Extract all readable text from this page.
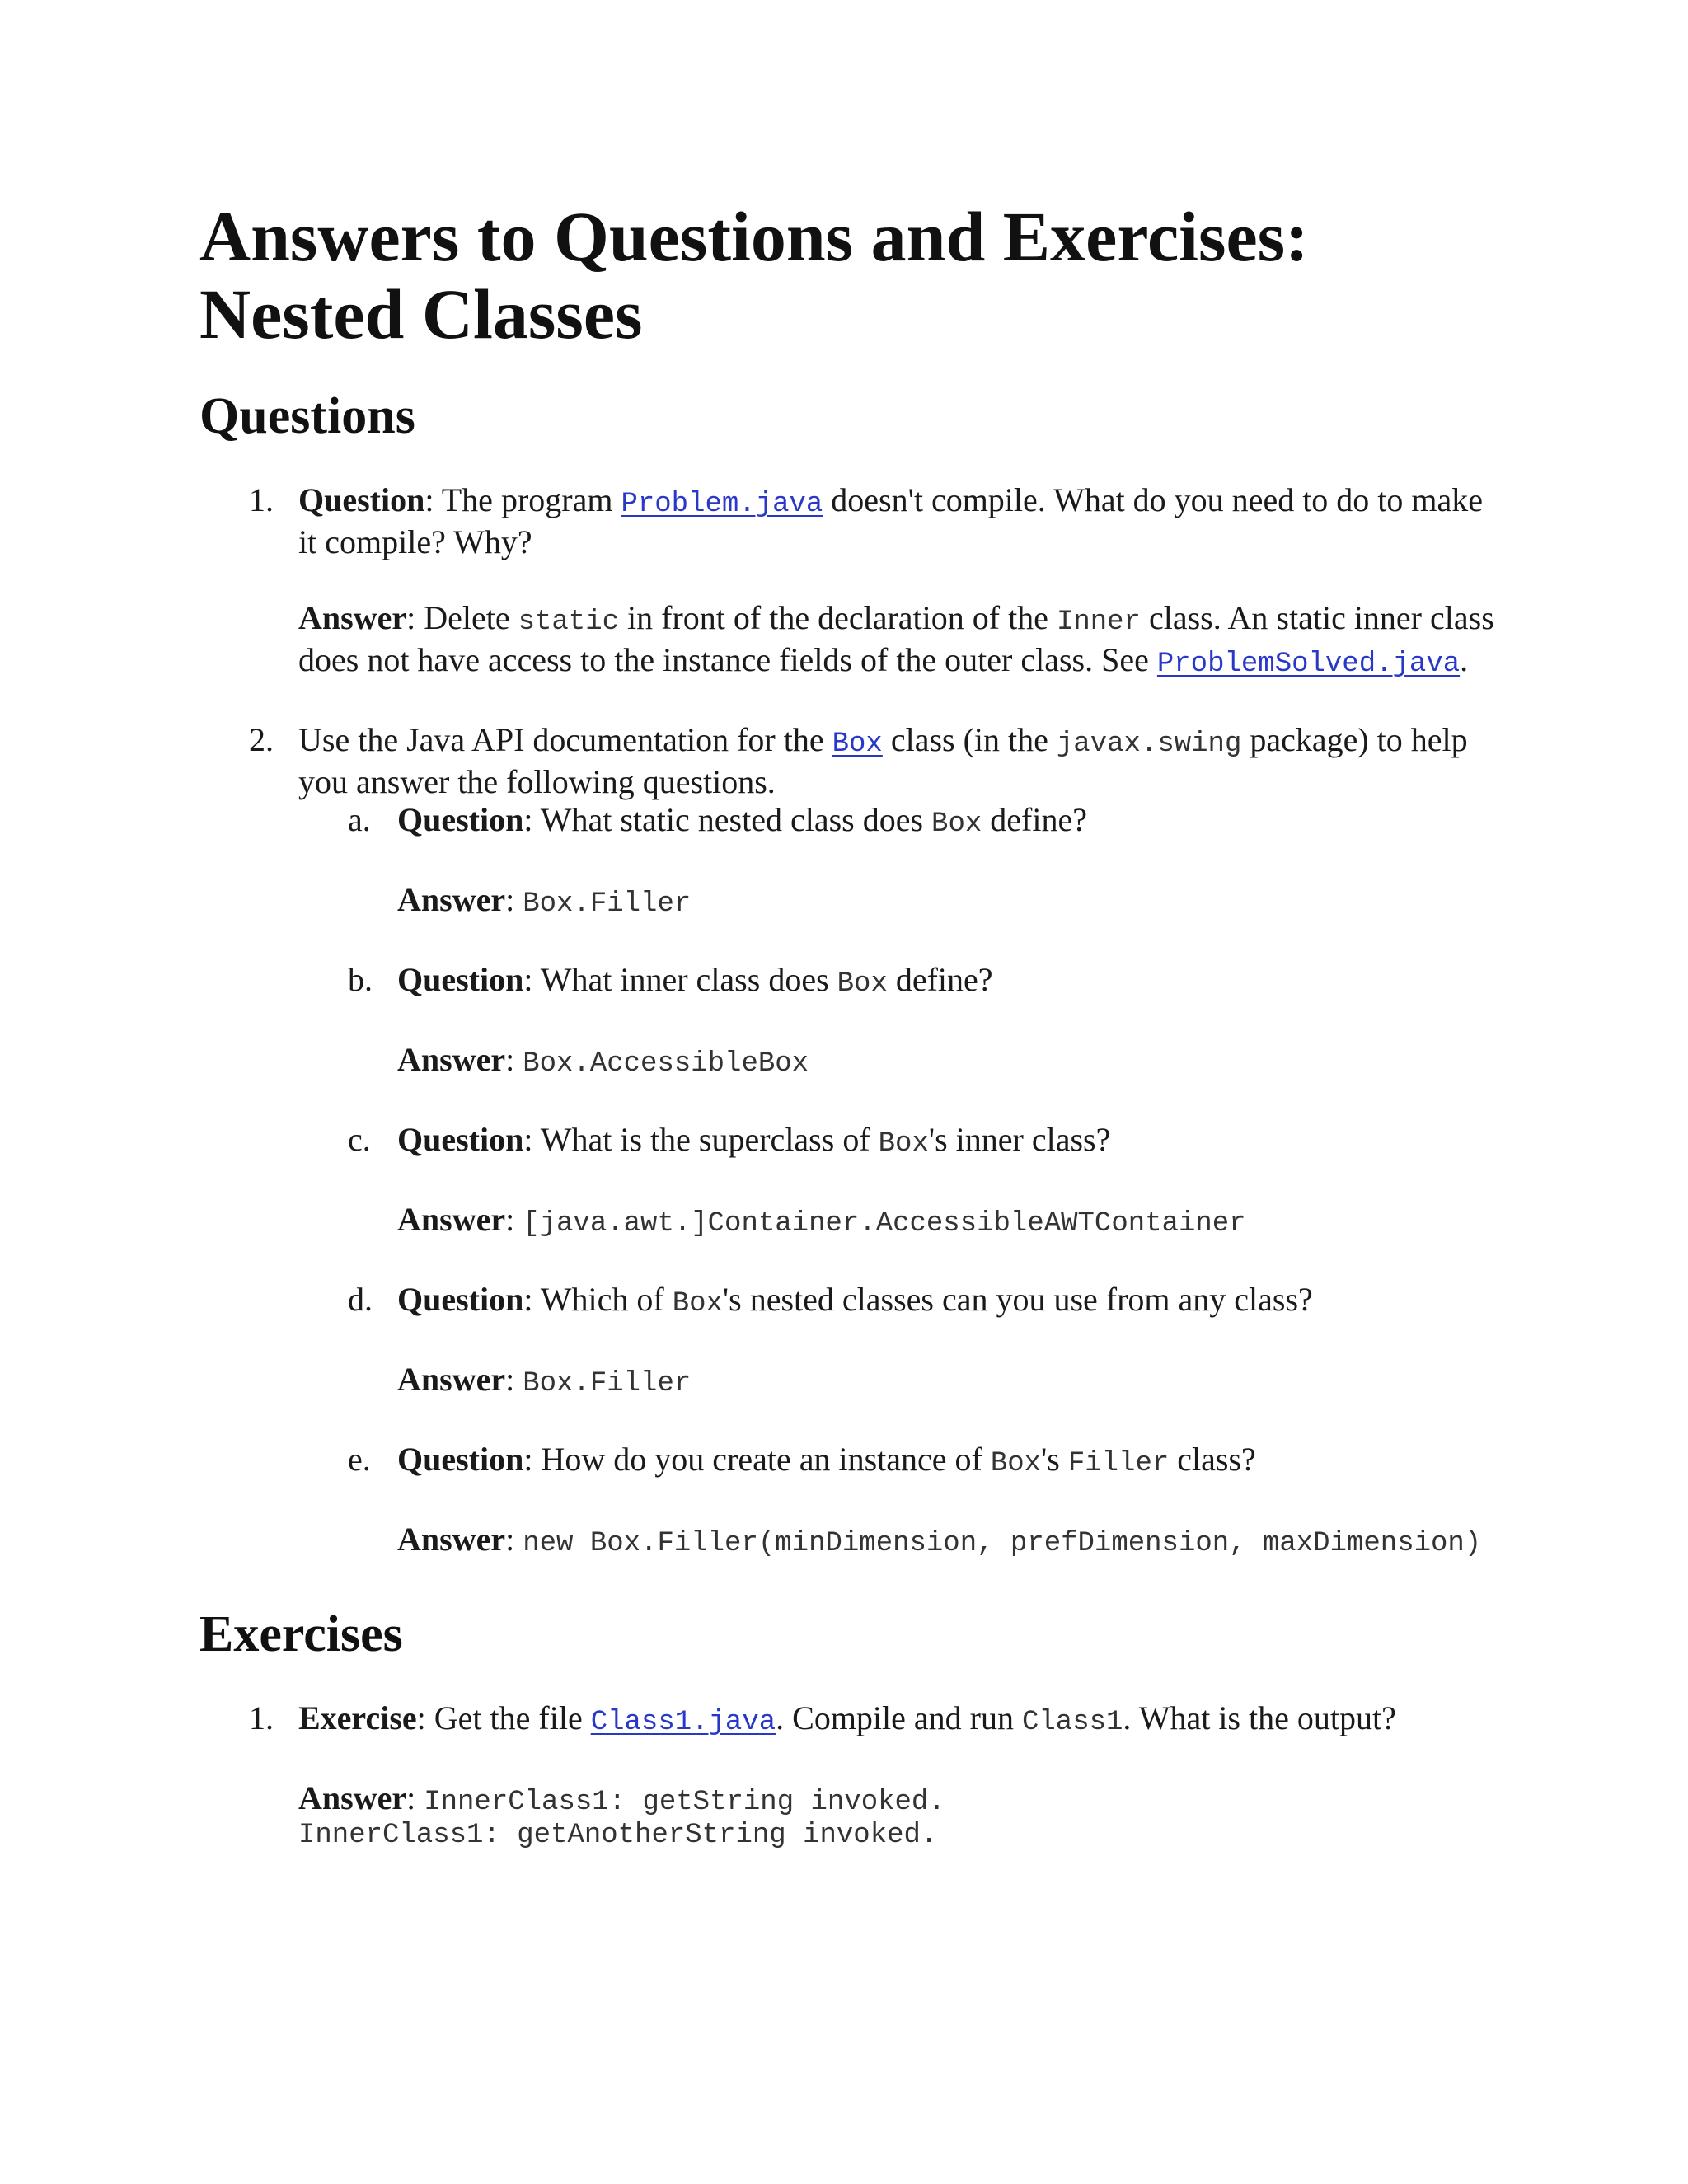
Answers to Questions and Exercises: Nested Classes
Questions
1. Question: The program Problem.java doesn't compile. What do you need to do to make it compile? Why?
Answer: Delete static in front of the declaration of the Inner class. An static inner class does not have access to the instance fields of the outer class. See ProblemSolved.java.
2. Use the Java API documentation for the Box class (in the javax.swing package) to help you answer the following questions.
a. Question: What static nested class does Box define?
Answer: Box.Filler
b. Question: What inner class does Box define?
Answer: Box.AccessibleBox
c. Question: What is the superclass of Box's inner class?
Answer: [java.awt.]Container.AccessibleAWTContainer
d. Question: Which of Box's nested classes can you use from any class?
Answer: Box.Filler
e. Question: How do you create an instance of Box's Filler class?
Answer: new Box.Filler(minDimension, prefDimension, maxDimension)
Exercises
1. Exercise: Get the file Class1.java. Compile and run Class1. What is the output?
Answer: InnerClass1: getString invoked.
InnerClass1: getAnotherString invoked.
